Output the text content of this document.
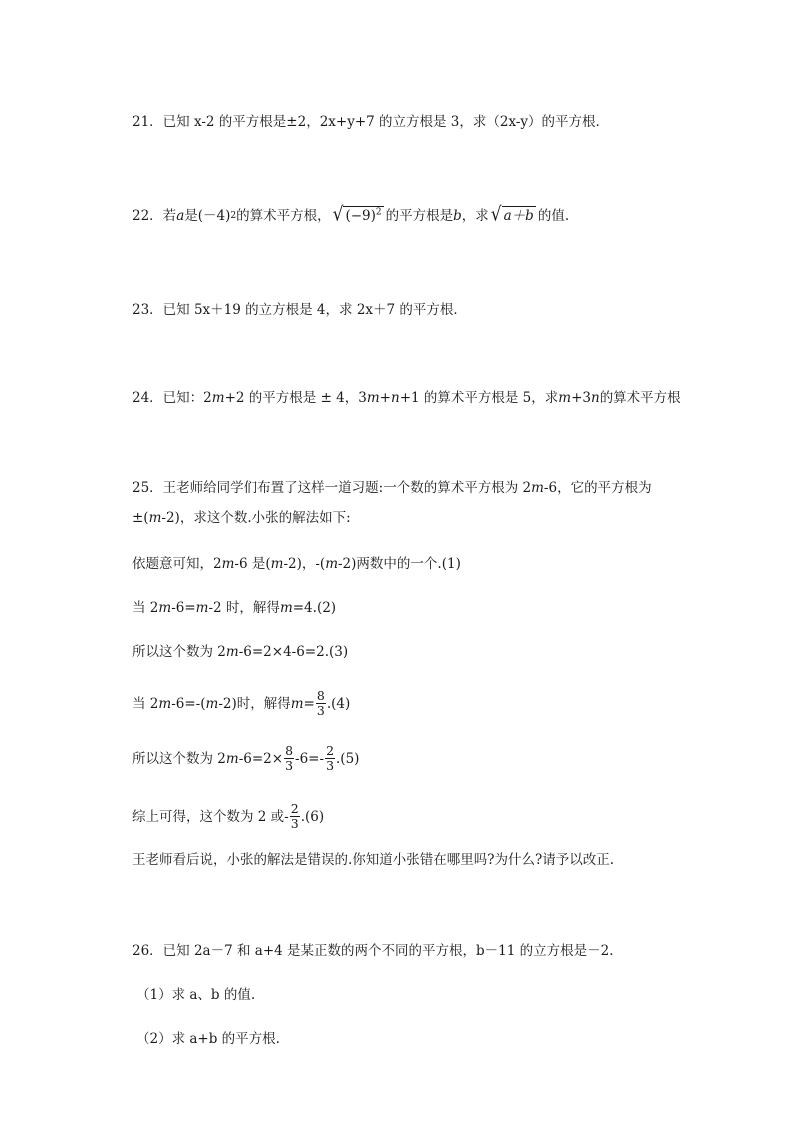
21．已知 x-2 的平方根是±2，2x+y+7 的立方根是 3，求（2x-y）的平方根．
22．若 a 是(－4) 2 的算术平方根， √ $(-9)^2$ 的平方根是 b ，求 √ a＋b 的值.
23．已知 5x＋19 的立方根是 4，求 2x＋7 的平方根．
24．已知：2 m +2 的平方根是 ± 4，3 m + n +1 的算术平方根是 5，求 m +3 n 的算术平方根
25．王老师给同学们布置了这样一道习题:一个数的算术平方根为 2 m -6，它的平方根为
±( m -2)，求这个数.小张的解法如下:
依题意可知，2 m -6 是( m -2)，-( m -2)两数中的一个.(1)
当 2 m -6= m -2 时，解得 m =4.(2)
所以这个数为 2 m -6=2×4-6=2.(3)
当 2 m -6=-( m -2)时，解得 $m = \frac{8}{3} .(4)$
所以这个数为 2 m $-6=2\times \frac{8}{3} -6=- \frac{2}{3} .(5)$
综上可得，这个数为 2 或- $\frac{2}{3} .(6)$
王老师看后说，小张的解法是错误的.你知道小张错在哪里吗?为什么?请予以改正.
26．已知 2a－7 和 a+4 是某正数的两个不同的平方根，b－11 的立方根是－2.
（1）求 a、b 的值.
（2）求 a+b 的平方根.
